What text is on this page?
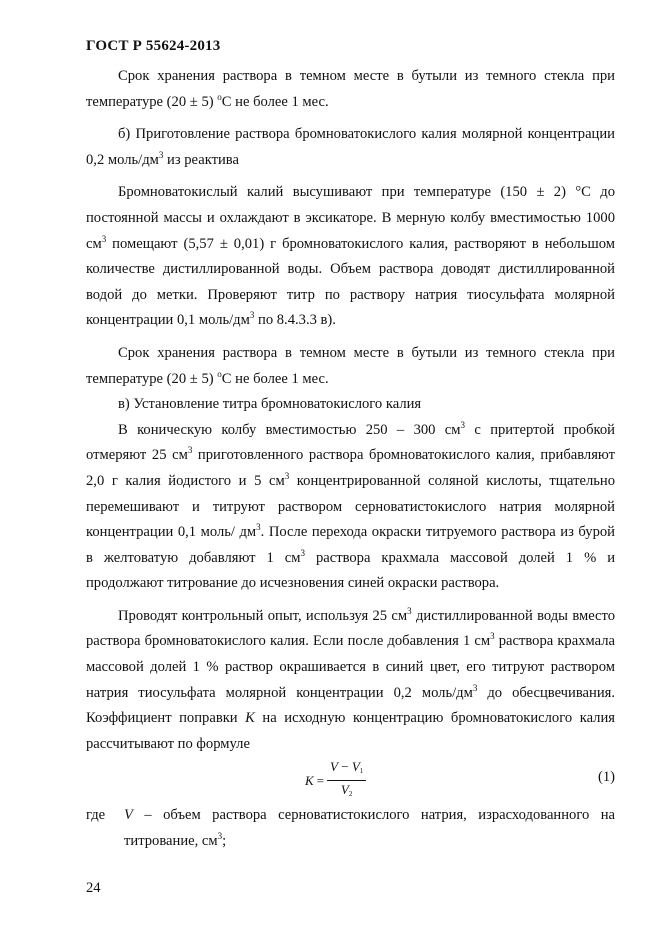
ГОСТ Р 55624-2013

Срок хранения раствора в темном месте в бутыли из темного стекла при температуре (20 ± 5) $^о$С не более 1 мес.

б) Приготовление раствора бромноватокислого калия молярной концентрации 0,2 моль/$дм^3$ из реактива

Бромноватокислый калий высушивают при температуре (150 ± 2) °С до постоянной массы и охлаждают в эксикаторе. В мерную колбу вместимостью 1000 $см^3$ помещают (5,57 ± 0,01) г бромноватокислого калия, растворяют в небольшом количестве дистиллированной воды. Объем раствора доводят дистиллированной водой до метки. Проверяют титр по раствору натрия тиосульфата молярной концентрации 0,1 моль/$дм^3$ по 8.4.3.3 в).

Срок хранения раствора в темном месте в бутыли из темного стекла при температуре (20 ± 5) $^о$С не более 1 мес.

в) Установление титра бромноватокислого калия

В коническую колбу вместимостью 250 – 300 $см^3$ с притертой пробкой отмеряют 25 $см^3$ приготовленного раствора бромноватокислого калия, прибавляют 2,0 г калия йодистого и 5 $см^3$ концентрированной соляной кислоты, тщательно перемешивают и титруют раствором серноватистокислого натрия молярной концентрации 0,1 моль/ $дм^3$. После перехода окраски титруемого раствора из бурой в желтоватую добавляют 1 $см^3$ раствора крахмала массовой долей 1 % и продолжают титрование до исчезновения синей окраски раствора.

Проводят контрольный опыт, используя 25 $см^3$ дистиллированной воды вместо раствора бромноватокислого калия. Если после добавления 1 $см^3$ раствора крахмала массовой долей 1 % раствор окрашивается в синий цвет, его титруют раствором натрия тиосульфата молярной концентрации 0,2 моль/$дм^3$ до обесцвечивания. Коэффициент поправки K на исходную концентрацию бромноватокислого калия рассчитывают по формуле

$K = \frac{V - V_1}{V_2}$	(1)
где	V – объем раствора серноватистокислого натрия, израсходованного на титрование, $см^3$;
24
